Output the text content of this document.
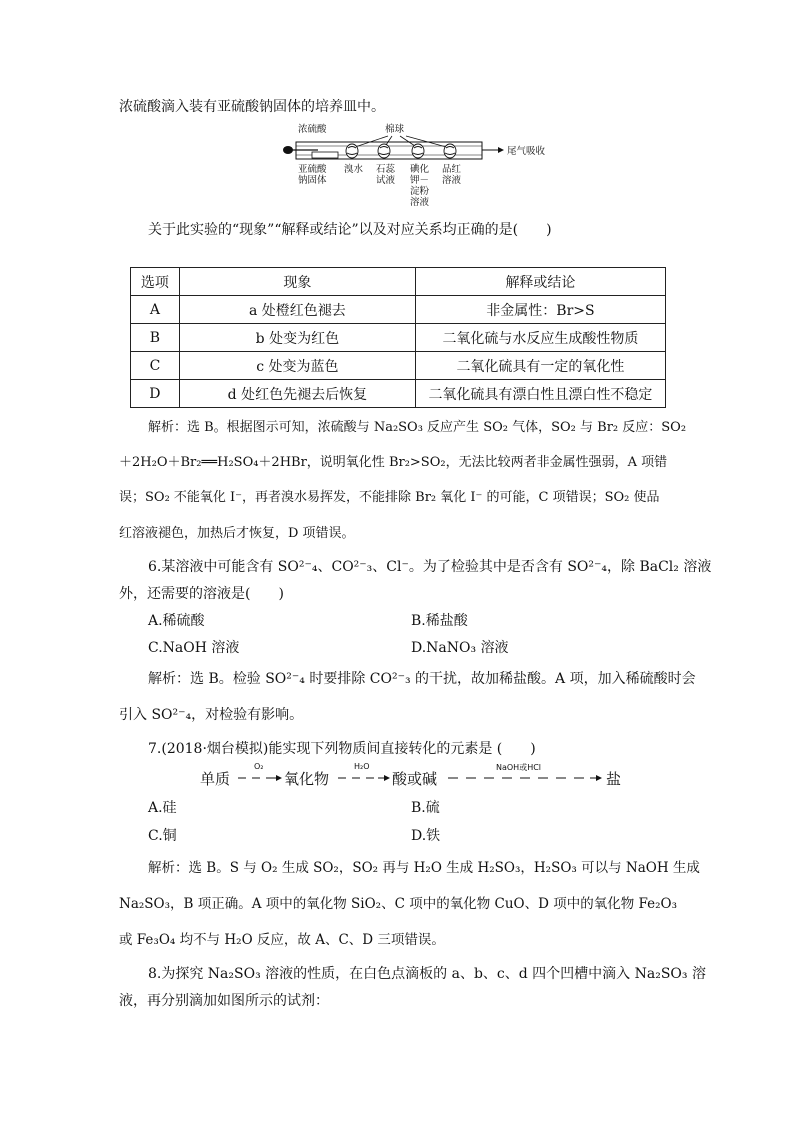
浓硫酸滴入装有亚硫酸钠固体的培养皿中。
浓硫酸	棉球
尾气吸收
亚硫酸
钠固体
溴水 石蕊
试液
碘化
钾－
淀粉
溶液
品红
溶液
关于此实验的“现象”“解释或结论”以及对应关系均正确的是(　　)
选项	现象	解释或结论
A	a 处橙红色褪去	非金属性：Br>S
B	b 处变为红色	二氧化硫与水反应生成酸性物质
C	c 处变为蓝色	二氧化硫具有一定的氧化性
D	d 处红色先褪去后恢复	二氧化硫具有漂白性且漂白性不稳定
解析：选 B。根据图示可知，浓硫酸与 Na₂SO₃ 反应产生 SO₂ 气体，SO₂ 与 Br₂ 反应：SO₂
＋2H₂O＋Br₂══H₂SO₄＋2HBr，说明氧化性 Br₂>SO₂，无法比较两者非金属性强弱，A 项错
误；SO₂ 不能氧化 I⁻，再者溴水易挥发，不能排除 Br₂ 氧化 I⁻ 的可能，C 项错误；SO₂ 使品
红溶液褪色，加热后才恢复，D 项错误。
6.某溶液中可能含有 SO²⁻₄、CO²⁻₃、Cl⁻。为了检验其中是否含有 SO²⁻₄，除 BaCl₂ 溶液
外，还需要的溶液是(　　)
A.稀硫酸	B.稀盐酸
C.NaOH 溶液	D.NaNO₃ 溶液
解析：选 B。检验 SO²⁻₄ 时要排除 CO²⁻₃ 的干扰，故加稀盐酸。A 项，加入稀硫酸时会
引入 SO²⁻₄，对检验有影响。
7.(2018·烟台模拟)能实现下列物质间直接转化的元素是 (　　)
单质
O₂
氧化物
H₂O
酸或碱
NaOH或HCl
盐
A.硅	B.硫
C.铜	D.铁
解析：选 B。S 与 O₂ 生成 SO₂，SO₂ 再与 H₂O 生成 H₂SO₃，H₂SO₃ 可以与 NaOH 生成
Na₂SO₃，B 项正确。A 项中的氧化物 SiO₂、C 项中的氧化物 CuO、D 项中的氧化物 Fe₂O₃
或 Fe₃O₄ 均不与 H₂O 反应，故 A、C、D 三项错误。
8.为探究 Na₂SO₃ 溶液的性质，在白色点滴板的 a、b、c、d 四个凹槽中滴入 Na₂SO₃ 溶
液，再分别滴加如图所示的试剂：
